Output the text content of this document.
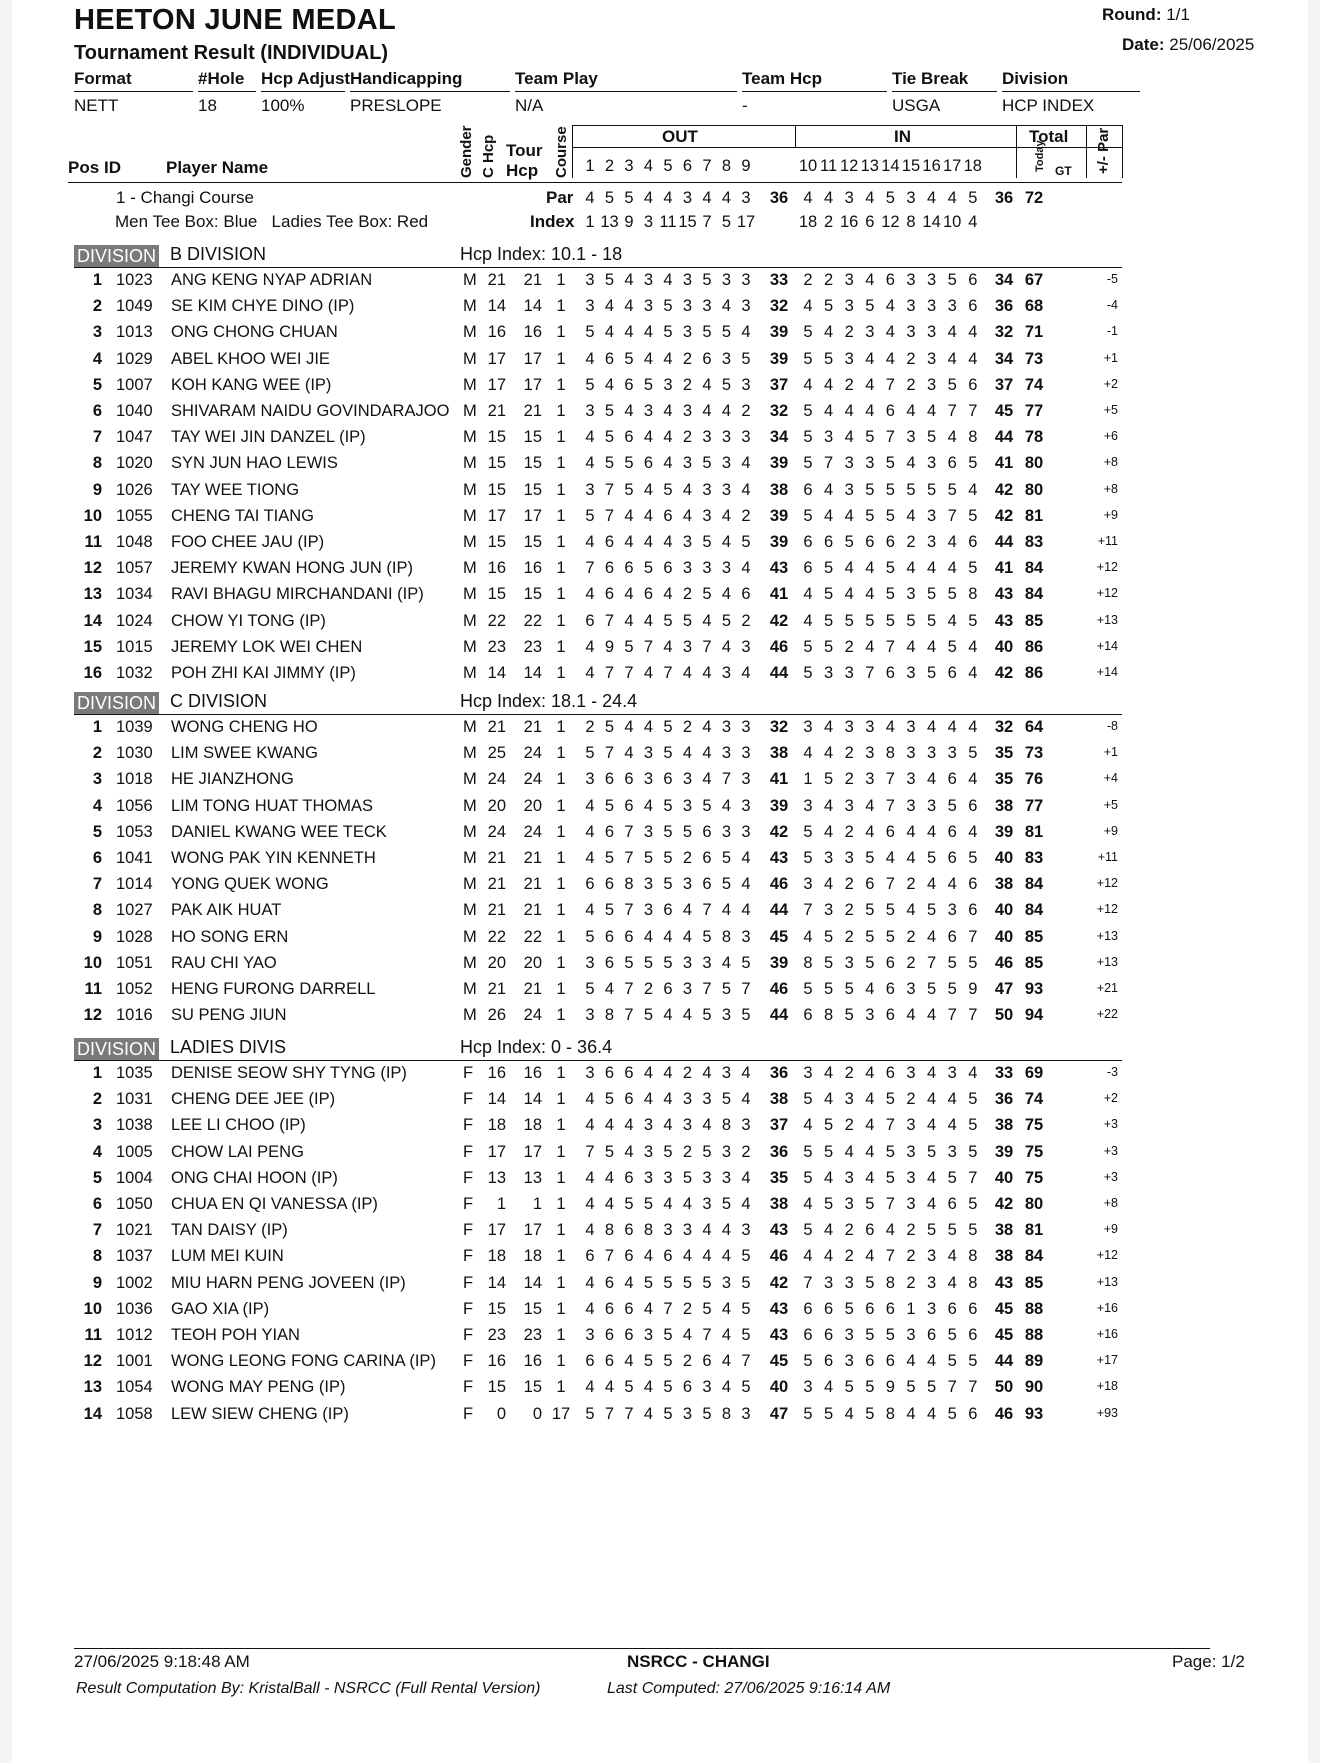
HEETON JUNE MEDAL
Tournament Result (INDIVIDUAL)
Round: 1/1
Date: 25/06/2025
Format
NETT
#Hole
18
Hcp Adjust
100%
Handicapping
PRESLOPE
Team Play
N/A
Team Hcp
-
Tie Break
USGA
Division
HCP INDEX
Pos ID	Player Name	Gender C Hcp Tour
Hcp Course	OUT	IN	Total
Today GT +/- Par
1 2 3 4 5 6 7 8 9	10 11 12 13 14 15 16 17 18
1 - Changi Course
Men Tee Box: Blue   Ladies Tee Box: Red
Par
Index
4 5 5 4 4 3 4 4 3	36 4 4 3 4 5 3 4 4 5	36 72
1 13 9 3 11 15 7 5 17	18 2 16 6 12 8 14 10 4
DIVISION B DIVISION	Hcp Index: 10.1 - 18
1 1023 ANG KENG NYAP ADRIAN	M 21	21 1	3 5 4 3 4 3 5 3 3	33 2 2 3 4 6 3 3 5 6	34 67	-5
2 1049 SE KIM CHYE DINO (IP)	M 14	14 1	3 4 4 3 5 3 3 4 3	32 4 5 3 5 4 3 3 3 6	36 68	-4
3 1013 ONG CHONG CHUAN	M 16	16 1	5 4 4 4 5 3 5 5 4	39 5 4 2 3 4 3 3 4 4	32 71	-1
4 1029 ABEL KHOO WEI JIE	M 17	17 1	4 6 5 4 4 2 6 3 5	39 5 5 3 4 4 2 3 4 4	34 73	+1
5 1007 KOH KANG WEE (IP)	M 17	17 1	5 4 6 5 3 2 4 5 3	37 4 4 2 4 7 2 3 5 6	37 74	+2
6 1040 SHIVARAM NAIDU GOVINDARAJOO M 21	21 1	3 5 4 3 4 3 4 4 2	32 5 4 4 4 6 4 4 7 7	45 77	+5
7 1047 TAY WEI JIN DANZEL (IP)	M 15	15 1	4 5 6 4 4 2 3 3 3	34 5 3 4 5 7 3 5 4 8	44 78	+6
8 1020 SYN JUN HAO LEWIS	M 15	15 1	4 5 5 6 4 3 5 3 4	39 5 7 3 3 5 4 3 6 5	41 80	+8
9 1026 TAY WEE TIONG	M 15	15 1	3 7 5 4 5 4 3 3 4	38 6 4 3 5 5 5 5 5 4	42 80	+8
10 1055 CHENG TAI TIANG	M 17	17 1	5 7 4 4 6 4 3 4 2	39 5 4 4 5 5 4 3 7 5	42 81	+9
11 1048 FOO CHEE JAU (IP)	M 15	15 1	4 6 4 4 4 3 5 4 5	39 6 6 5 6 6 2 3 4 6	44 83	+11
12 1057 JEREMY KWAN HONG JUN (IP)	M 16	16 1	7 6 6 5 6 3 3 3 4	43 6 5 4 4 5 4 4 4 5	41 84	+12
13 1034 RAVI BHAGU MIRCHANDANI (IP) M 15	15 1	4 6 4 6 4 2 5 4 6	41 4 5 4 4 5 3 5 5 8	43 84	+12
14 1024 CHOW YI TONG (IP)	M 22	22 1	6 7 4 4 5 5 4 5 2	42 4 5 5 5 5 5 5 4 5	43 85	+13
15 1015 JEREMY LOK WEI CHEN	M 23	23 1	4 9 5 7 4 3 7 4 3	46 5 5 2 4 7 4 4 5 4	40 86	+14
16 1032 POH ZHI KAI JIMMY (IP)	M 14	14 1	4 7 7 4 7 4 4 3 4	44 5 3 3 7 6 3 5 6 4	42 86	+14
DIVISION C DIVISION	Hcp Index: 18.1 - 24.4
1 1039 WONG CHENG HO	M 21	21 1	2 5 4 4 5 2 4 3 3	32 3 4 3 3 4 3 4 4 4	32 64	-8
2 1030 LIM SWEE KWANG	M 25	24 1	5 7 4 3 5 4 4 3 3	38 4 4 2 3 8 3 3 3 5	35 73	+1
3 1018 HE JIANZHONG	M 24	24 1	3 6 6 3 6 3 4 7 3	41 1 5 2 3 7 3 4 6 4	35 76	+4
4 1056 LIM TONG HUAT THOMAS	M 20	20 1	4 5 6 4 5 3 5 4 3	39 3 4 3 4 7 3 3 5 6	38 77	+5
5 1053 DANIEL KWANG WEE TECK	M 24	24 1	4 6 7 3 5 5 6 3 3	42 5 4 2 4 6 4 4 6 4	39 81	+9
6 1041 WONG PAK YIN KENNETH	M 21	21 1	4 5 7 5 5 2 6 5 4	43 5 3 3 5 4 4 5 6 5	40 83	+11
7 1014 YONG QUEK WONG	M 21	21 1	6 6 8 3 5 3 6 5 4	46 3 4 2 6 7 2 4 4 6	38 84	+12
8 1027 PAK AIK HUAT	M 21	21 1	4 5 7 3 6 4 7 4 4	44 7 3 2 5 5 4 5 3 6	40 84	+12
9 1028 HO SONG ERN	M 22	22 1	5 6 6 4 4 4 5 8 3	45 4 5 2 5 5 2 4 6 7	40 85	+13
10 1051 RAU CHI YAO	M 20	20 1	3 6 5 5 5 3 3 4 5	39 8 5 3 5 6 2 7 5 5	46 85	+13
11 1052 HENG FURONG DARRELL	M 21	21 1	5 4 7 2 6 3 7 5 7	46 5 5 5 4 6 3 5 5 9	47 93	+21
12 1016 SU PENG JIUN	M 26	24 1	3 8 7 5 4 4 5 3 5	44 6 8 5 3 6 4 4 7 7	50 94	+22
DIVISION LADIES DIVIS	Hcp Index: 0 - 36.4
1 1035 DENISE SEOW SHY TYNG (IP)	F 16	16 1	3 6 6 4 4 2 4 3 4	36 3 4 2 4 6 3 4 3 4	33 69	-3
2 1031 CHENG DEE JEE (IP)	F 14	14 1	4 5 6 4 4 3 3 5 4	38 5 4 3 4 5 2 4 4 5	36 74	+2
3 1038 LEE LI CHOO (IP)	F 18	18 1	4 4 4 3 4 3 4 8 3	37 4 5 2 4 7 3 4 4 5	38 75	+3
4 1005 CHOW LAI PENG	F 17	17 1	7 5 4 3 5 2 5 3 2	36 5 5 4 4 5 3 5 3 5	39 75	+3
5 1004 ONG CHAI HOON (IP)	F 13	13 1	4 4 6 3 3 5 3 3 4	35 5 4 3 4 5 3 4 5 7	40 75	+3
6 1050 CHUA EN QI VANESSA (IP)	F	1	1 1	4 4 5 5 4 4 3 5 4	38 4 5 3 5 7 3 4 6 5	42 80	+8
7 1021 TAN DAISY (IP)	F 17	17 1	4 8 6 8 3 3 4 4 3	43 5 4 2 6 4 2 5 5 5	38 81	+9
8 1037 LUM MEI KUIN	F 18	18 1	6 7 6 4 6 4 4 4 5	46 4 4 2 4 7 2 3 4 8	38 84	+12
9 1002 MIU HARN PENG JOVEEN (IP)	F 14	14 1	4 6 4 5 5 5 5 3 5	42 7 3 3 5 8 2 3 4 8	43 85	+13
10 1036 GAO XIA (IP)	F 15	15 1	4 6 6 4 7 2 5 4 5	43 6 6 5 6 6 1 3 6 6	45 88	+16
11 1012 TEOH POH YIAN	F 23	23 1	3 6 6 3 5 4 7 4 5	43 6 6 3 5 5 3 6 5 6	45 88	+16
12 1001 WONG LEONG FONG CARINA (IP) F 16	16 1	6 6 4 5 5 2 6 4 7	45 5 6 3 6 6 4 4 5 5	44 89	+17
13 1054 WONG MAY PENG (IP)	F 15	15 1	4 4 5 4 5 6 3 4 5	40 3 4 5 5 9 5 5 7 7	50 90	+18
14 1058 LEW SIEW CHENG (IP)	F	0	0 17 5 7 7 4 5 3 5 8 3	47 5 5 4 5 8 4 4 5 6	46 93	+93
27/06/2025 9:18:48 AM	NSRCC - CHANGI	Page: 1/2
Result Computation By: KristalBall - NSRCC (Full Rental Version)	Last Computed: 27/06/2025 9:16:14 AM
